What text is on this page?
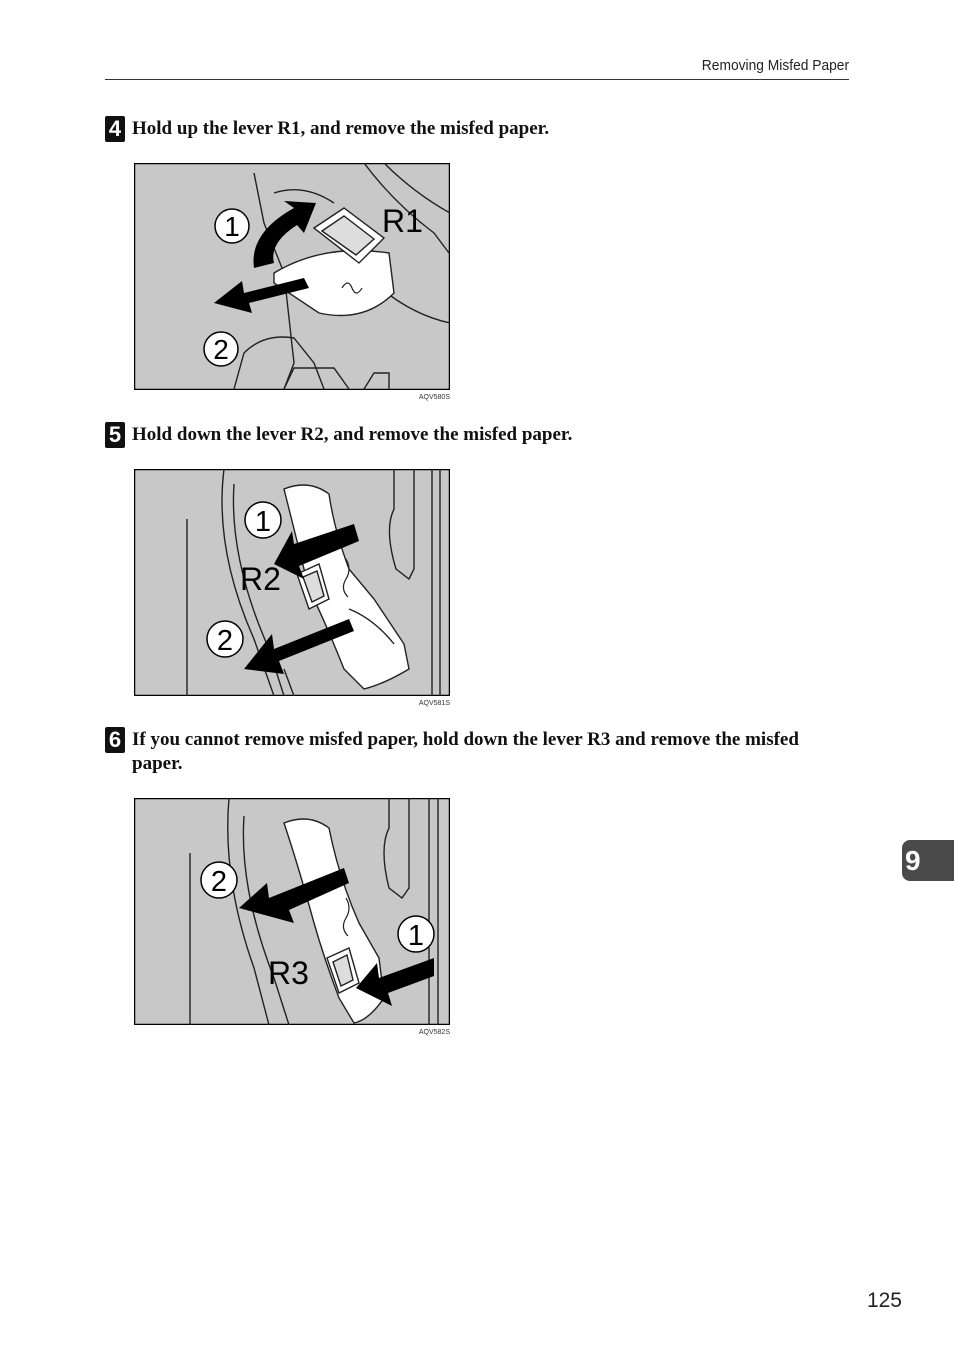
Removing Misfed Paper
4 Hold up the lever R1, and remove the misfed paper.
1
2
R1
AQV580S
5 Hold down the lever R2, and remove the misfed paper.
1
2
R2
AQV581S
6 If you cannot remove misfed paper, hold down the lever R3 and remove the misfed paper.
2
1
R3
AQV582S
9
125
